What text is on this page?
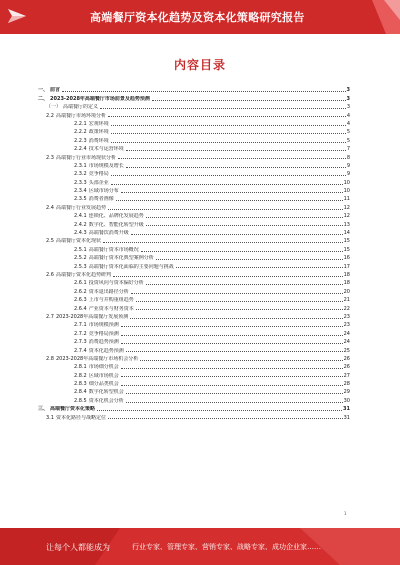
高端餐厅资本化趋势及资本化策略研究报告
内容目录
一、 前言	3
二、 2023-2028年高端餐厅市场前景及趋势预测	3
（一） 高端餐厅的定义	3
2.2 高端餐厅市场环境分析	4
2.2.1 宏观环境	4
2.2.2 政策环境	5
2.2.3 消费环境	5
2.2.4 技术与运营环境	7
2.3 高端餐厅行业市场现状分析	8
2.3.1 市场规模及增长	9
2.3.2 竞争格局	9
2.3.3 头部企业	10
2.3.4 区域市场分布	10
2.3.5 消费者画像	11
2.4 高端餐厅行业发展趋势	12
2.4.1 连锁化、品牌化发展趋势	12
2.4.2 数字化、智能化转型升级	13
2.4.3 高端餐饮消费升级	14
2.5 高端餐厅资本化现状	15
2.5.1 高端餐厅资本市场概况	15
2.5.2 高端餐厅资本化典型案例分析	16
2.5.3 高端餐厅资本化面临的主要问题与挑战	17
2.6 高端餐厅资本化趋势研判	18
2.6.1 投资风向与资本偏好分析	18
2.6.2 资本退出路径分析	20
2.6.3 上市与并购重组趋势	21
2.6.4 产业资本与财务资本	22
2.7 2023-2028年高端餐厅发展预测	23
2.7.1 市场规模预测	23
2.7.2 竞争格局预测	24
2.7.3 消费趋势预测	24
2.7.4 资本化趋势预测	25
2.8 2023-2028年高端餐厅市场机会分析	26
2.8.1 市场细分机会	26
2.8.2 区域市场机会	27
2.8.3 细分品类机会	28
2.8.4 数字化转型机会	29
2.8.5 资本化机会分析	30
三、 高端餐厅资本化策略	31
3.1 资本化路径与战略定位	31
1
让每个人都能成为	行业专家、管理专家、营销专家、战略专家、成功企业家……
